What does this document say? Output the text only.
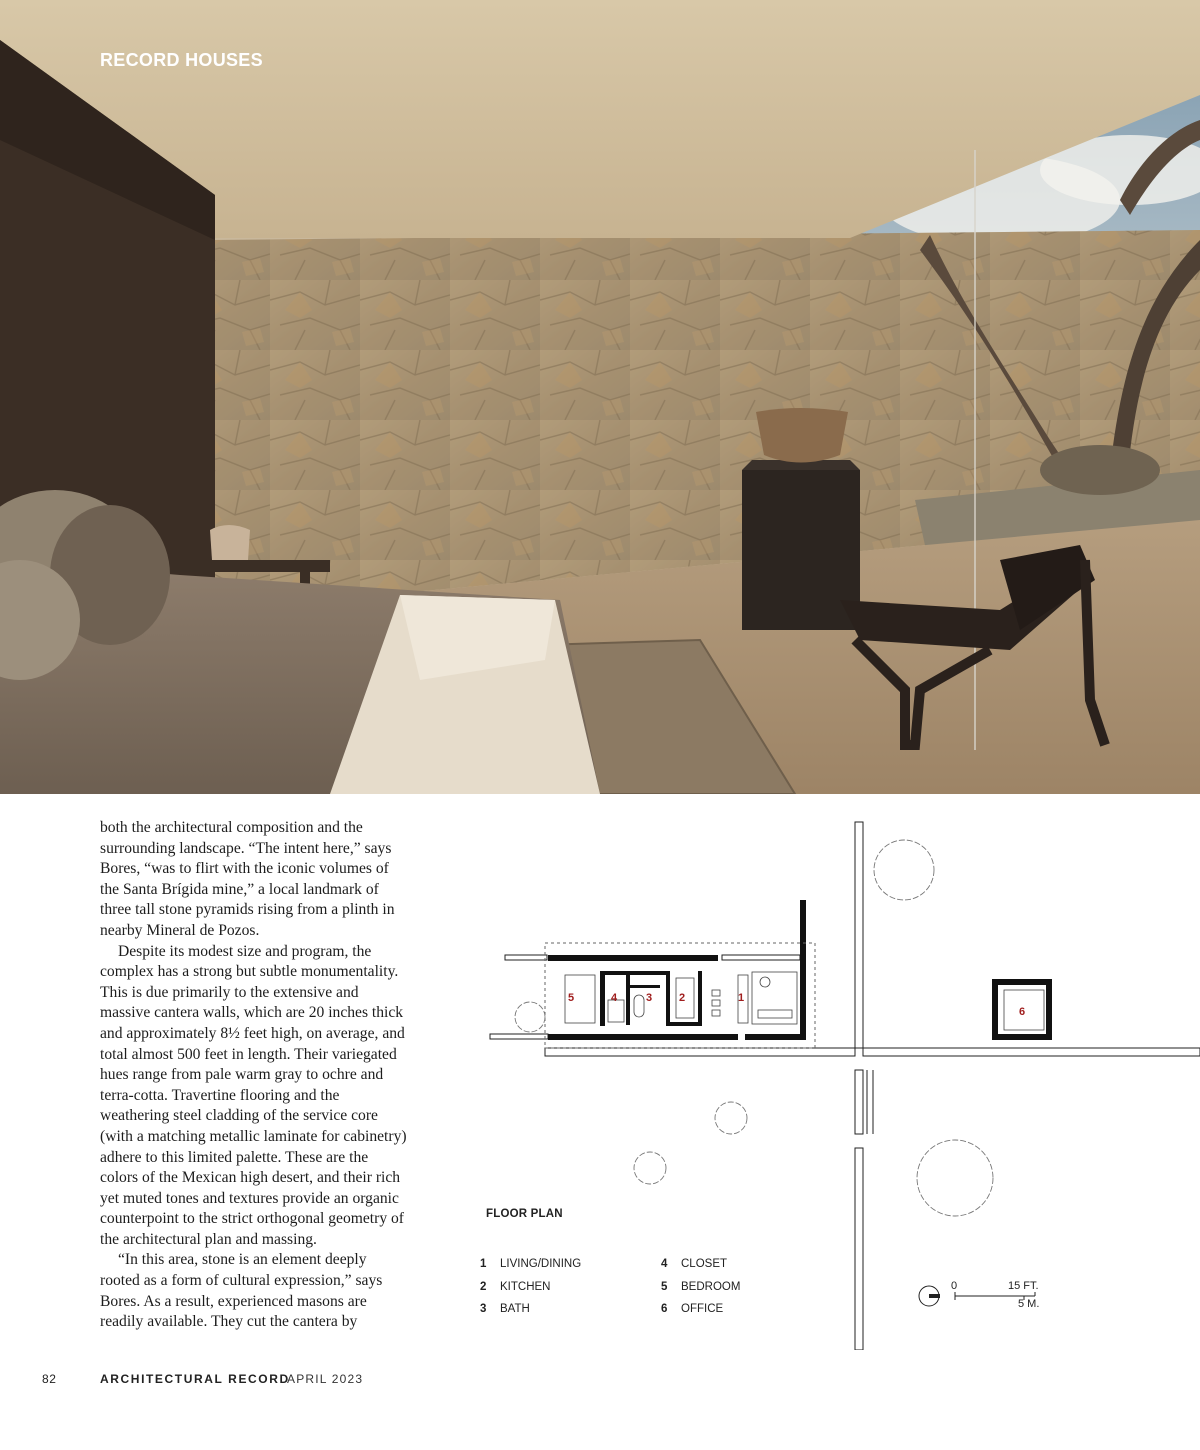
RECORD HOUSES

both the architectural composition and the surrounding landscape. “The intent here,” says Bores, “was to flirt with the iconic volumes of the Santa Brígida mine,” a local landmark of three tall stone pyramids rising from a plinth in nearby Mineral de Pozos.

Despite its modest size and program, the complex has a strong but subtle monumentality. This is due primarily to the extensive and massive cantera walls, which are 20 inches thick and approximately 8½ feet high, on average, and total almost 500 feet in length. Their variegated hues range from pale warm gray to ochre and terra-cotta. Travertine flooring and the weathering steel cladding of the service core (with a matching metallic laminate for cabinetry) adhere to this limited palette. These are the colors of the Mexican high desert, and their rich yet muted tones and textures provide an organic counterpoint to the strict orthogonal geometry of the architectural plan and massing.

“In this area, stone is an element deeply rooted as a form of cultural expression,” says Bores. As a result, experienced masons are readily available. They cut the cantera by

5	4	3 2	1
6
0	15 FT.
5 M.
FLOOR PLAN
1	LIVING/DINING
2	KITCHEN
3	BATH
4	CLOSET
5	BEDROOM
6	OFFICE
82	ARCHITECTURAL RECORD
APRIL 2023
